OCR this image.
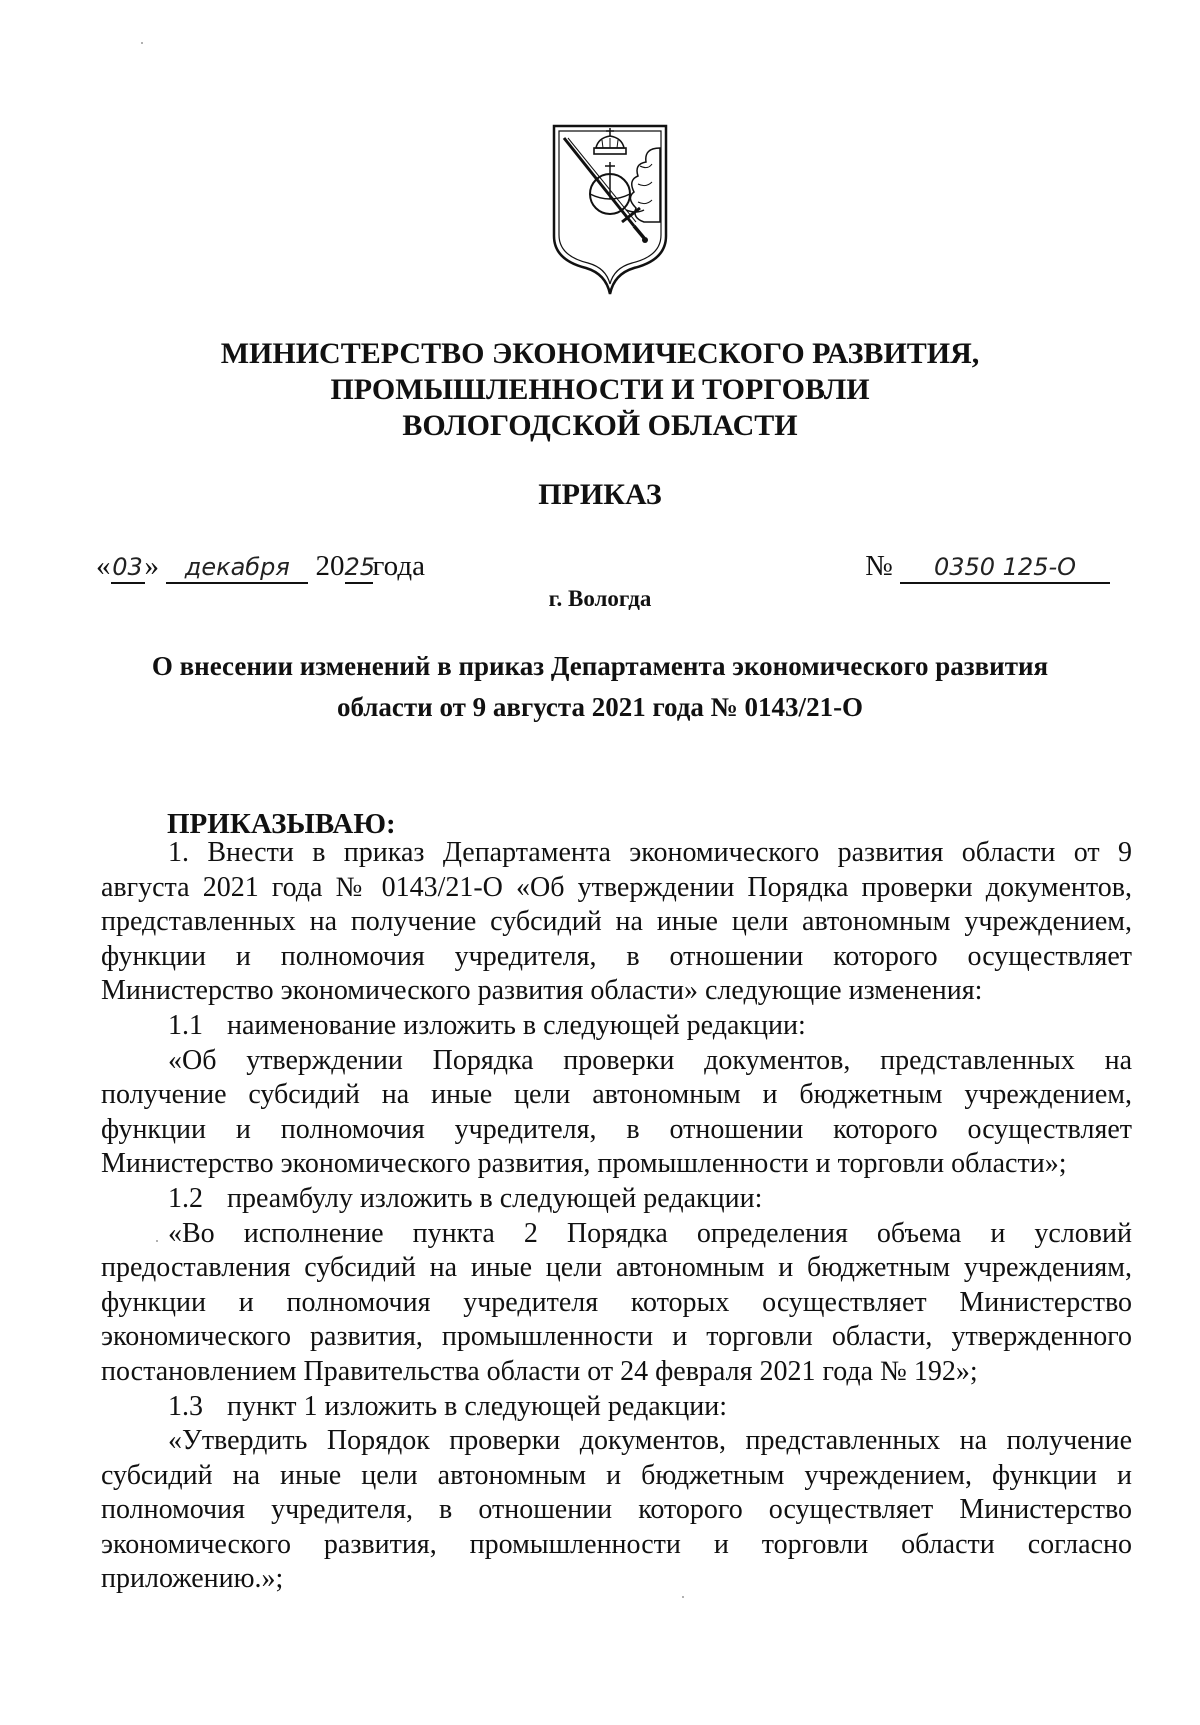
МИНИСТЕРСТВО ЭКОНОМИЧЕСКОГО РАЗВИТИЯ,
ПРОМЫШЛЕННОСТИ И ТОРГОВЛИ
ВОЛОГОДСКОЙ ОБЛАСТИ
ПРИКАЗ
«03» декабря 2025года	№ 0350 125-О
г. Вологда
О внесении изменений в приказ Департамента экономического развития
области от 9 августа 2021 года № 0143/21-О
ПРИКАЗЫВАЮ:

1. Внести в приказ Департамента экономического развития области от 9

августа 2021 года № 0143/21-О «Об утверждении Порядка проверки документов,

представленных на получение субсидий на иные цели автономным учреждением,

функции и полномочия учредителя, в отношении которого осуществляет

Министерство экономического развития области» следующие изменения:

1.1 наименование изложить в следующей редакции:

«Об утверждении Порядка проверки документов, представленных на

получение субсидий на иные цели автономным и бюджетным учреждением,

функции и полномочия учредителя, в отношении которого осуществляет

Министерство экономического развития, промышленности и торговли области»;

1.2 преамбулу изложить в следующей редакции:

«Во исполнение пункта 2 Порядка определения объема и условий

предоставления субсидий на иные цели автономным и бюджетным учреждениям,

функции и полномочия учредителя которых осуществляет Министерство

экономического развития, промышленности и торговли области, утвержденного

постановлением Правительства области от 24 февраля 2021 года № 192»;

1.3 пункт 1 изложить в следующей редакции:

«Утвердить Порядок проверки документов, представленных на получение

субсидий на иные цели автономным и бюджетным учреждением, функции и

полномочия учредителя, в отношении которого осуществляет Министерство

экономического развития, промышленности и торговли области согласно

приложению.»;
